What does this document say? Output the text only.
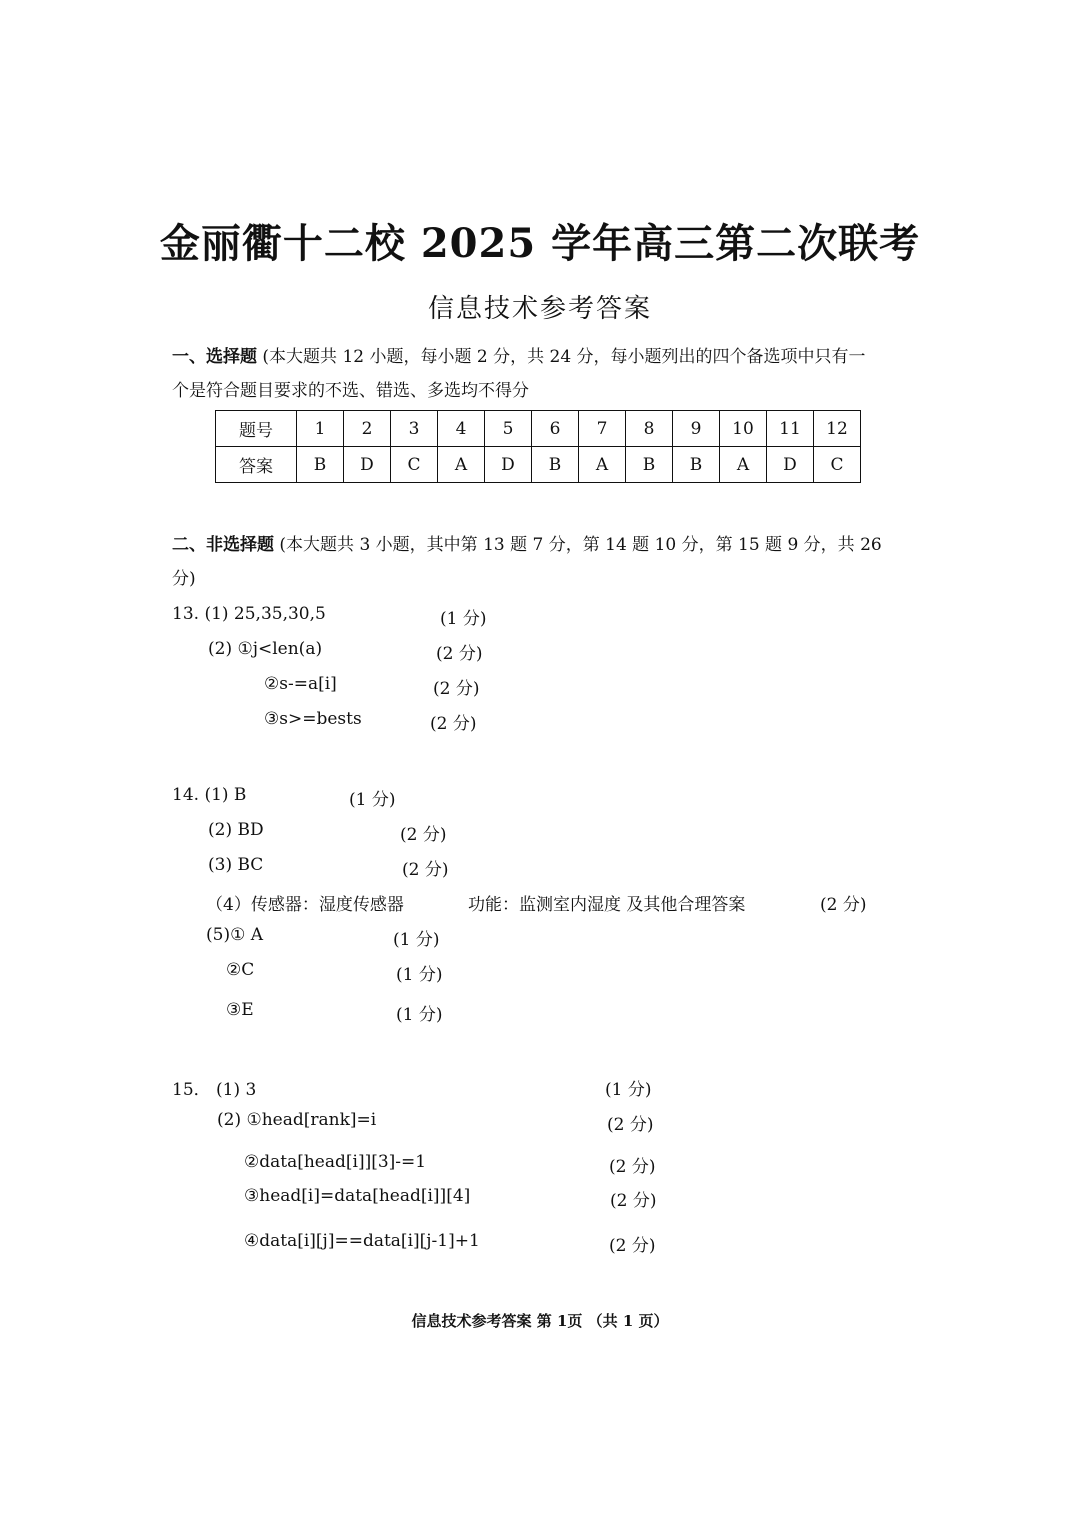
金丽衢十二校 2025 学年高三第二次联考
信息技术参考答案
一、选择题 (本大题共 12 小题，每小题 2 分，共 24 分，每小题列出的四个备选项中只有一
个是符合题目要求的不选、错选、多选均不得分
题号	1	2	3	4	5	6	7	8	9	10	11	12
答案	B	D	C	A	D	B	A	B	B	A	D	C
二、非选择题 (本大题共 3 小题，其中第 13 题 7 分，第 14 题 10 分，第 15 题 9 分，共 26
分)
13. (1) 25,35,30,5	(1 分)
(2) ①j<len(a)	(2 分)
②s-=a[i]	(2 分)
③s>=bests	(2 分)
14. (1) B	(1 分)
(2) BD	(2 分)
(3) BC	(2 分)
（4）传感器：湿度传感器	功能：监测室内湿度 及其他合理答案	(2 分)
(5)① A	(1 分)
②C	(1 分)
③E	(1 分)
15． (1) 3	(1 分)
(2) ①head[rank]=i	(2 分)
②data[head[i]][3]-=1	(2 分)
③head[i]=data[head[i]][4]	(2 分)
④data[i][j]==data[i][j-1]+1	(2 分)
信息技术参考答案 第 1页 （共 1 页）
